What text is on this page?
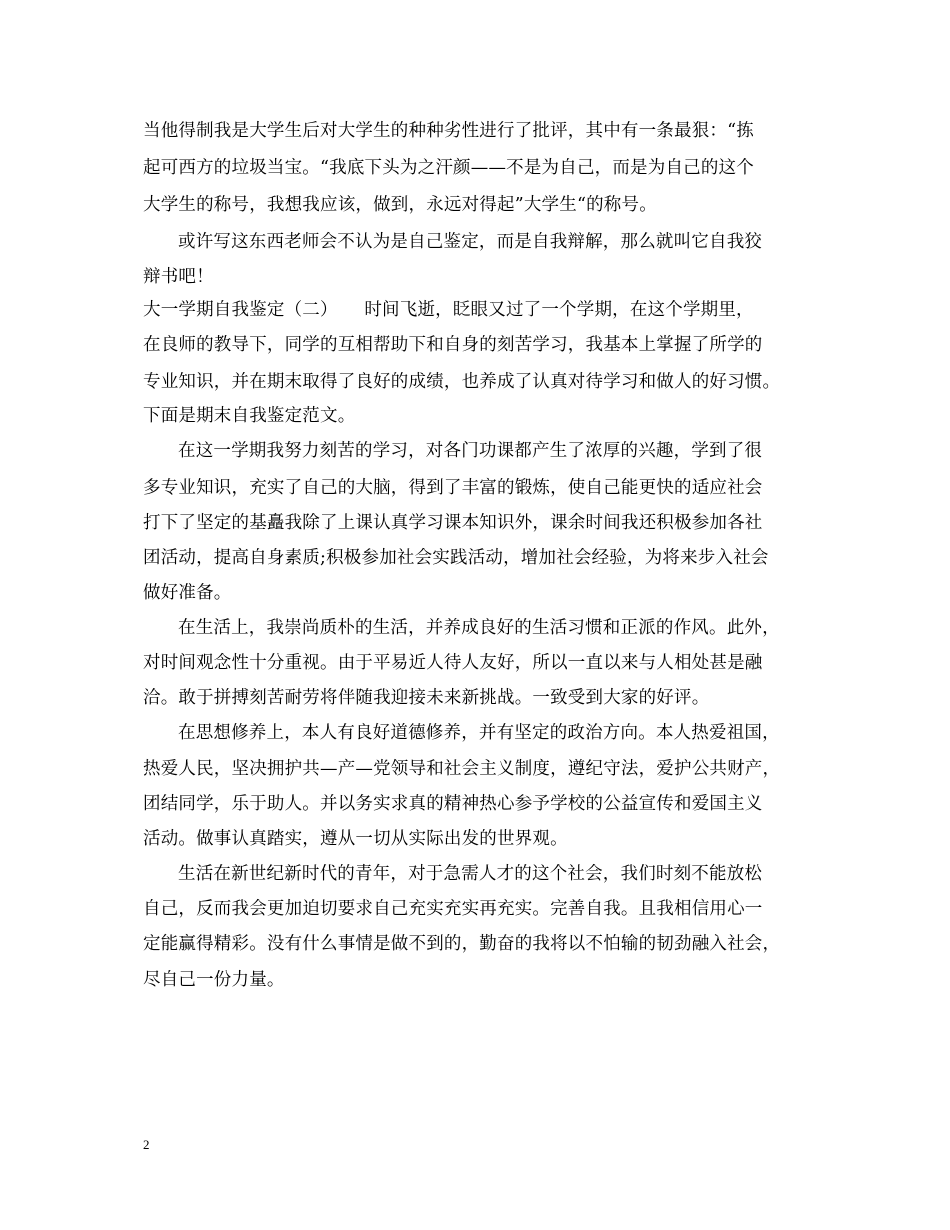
当他得制我是大学生后对大学生的种种劣性进行了批评，其中有一条最狠：“拣
起可西方的垃圾当宝。“我底下头为之汗颜——不是为自己，而是为自己的这个
大学生的称号，我想我应该，做到，永远对得起”大学生“的称号。
或许写这东西老师会不认为是自己鉴定，而是自我辩解，那么就叫它自我狡
辩书吧！
大一学期自我鉴定（二）　　时间飞逝，眨眼又过了一个学期，在这个学期里，
在良师的教导下，同学的互相帮助下和自身的刻苦学习，我基本上掌握了所学的
专业知识，并在期末取得了良好的成绩，也养成了认真对待学习和做人的好习惯。
下面是期末自我鉴定范文。
在这一学期我努力刻苦的学习，对各门功课都产生了浓厚的兴趣，学到了很
多专业知识，充实了自己的大脑，得到了丰富的锻炼，使自己能更快的适应社会
打下了坚定的基矗我除了上课认真学习课本知识外，课余时间我还积极参加各社
团活动，提高自身素质;积极参加社会实践活动，增加社会经验，为将来步入社会
做好准备。
在生活上，我崇尚质朴的生活，并养成良好的生活习惯和正派的作风。此外，
对时间观念性十分重视。由于平易近人待人友好，所以一直以来与人相处甚是融
洽。敢于拼搏刻苦耐劳将伴随我迎接未来新挑战。一致受到大家的好评。
在思想修养上，本人有良好道德修养，并有坚定的政治方向。本人热爱祖国，
热爱人民，坚决拥护共—产—党领导和社会主义制度，遵纪守法，爱护公共财产，
团结同学，乐于助人。并以务实求真的精神热心参予学校的公益宣传和爱国主义
活动。做事认真踏实，遵从一切从实际出发的世界观。
生活在新世纪新时代的青年，对于急需人才的这个社会，我们时刻不能放松
自己，反而我会更加迫切要求自己充实充实再充实。完善自我。且我相信用心一
定能赢得精彩。没有什么事情是做不到的，勤奋的我将以不怕输的韧劲融入社会，
尽自己一份力量。
2
